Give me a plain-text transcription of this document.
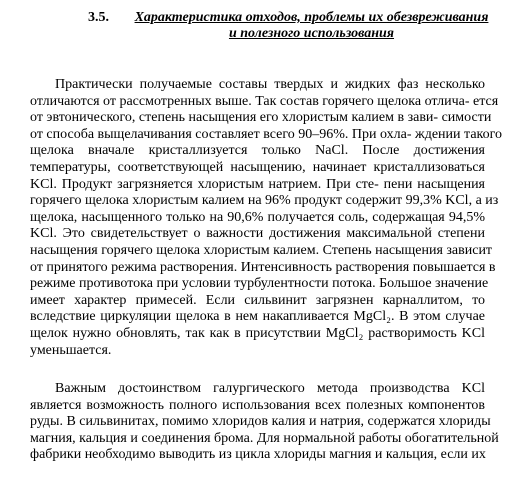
3.5.	Характеристика отходов, проблемы их обезвреживания
и полезного использования
Практически получаемые составы твердых и жидких фаз несколько
отличаются от рассмотренных выше. Так состав горячего щелока отлича- ется
от эвтонического, степень насыщения его хлористым калием в зави- симости
от способа выщелачивания составляет всего 90–96%. При охла- ждении такого
щелока вначале кристаллизуется только NaCl. После достижения
температуры, соответствующей насыщению, начинает кристаллизоваться
KCl. Продукт загрязняется хлористым натрием. При сте- пени насыщения
горячего щелока хлористым калием на 96% продукт содержит 99,3% KCl, а из
щелока, насыщенного только на 90,6% получается соль, содержащая 94,5%
KCl. Это свидетельствует о важности достижения максимальной степени
насыщения горячего щелока хлористым калием. Степень насыщения зависит
от принятого режима растворения. Интенсивность растворения повышается в
режиме противотока при условии турбулентности потока. Большое значение
имеет характер примесей. Если сильвинит загрязнен карналлитом, то
вследствие циркуляции щелока в нем накапливается MgCl₂. В этом случае
щелок нужно обновлять, так как в присутствии MgCl₂ растворимость KCl
уменьшается.
Важным достоинством галургического метода производства KCl
является возможность полного использования всех полезных компонентов
руды. В сильвинитах, помимо хлоридов калия и натрия, содержатся хлориды
магния, кальция и соединения брома. Для нормальной работы обогатительной
фабрики необходимо выводить из цикла хлориды магния и кальция, если их
